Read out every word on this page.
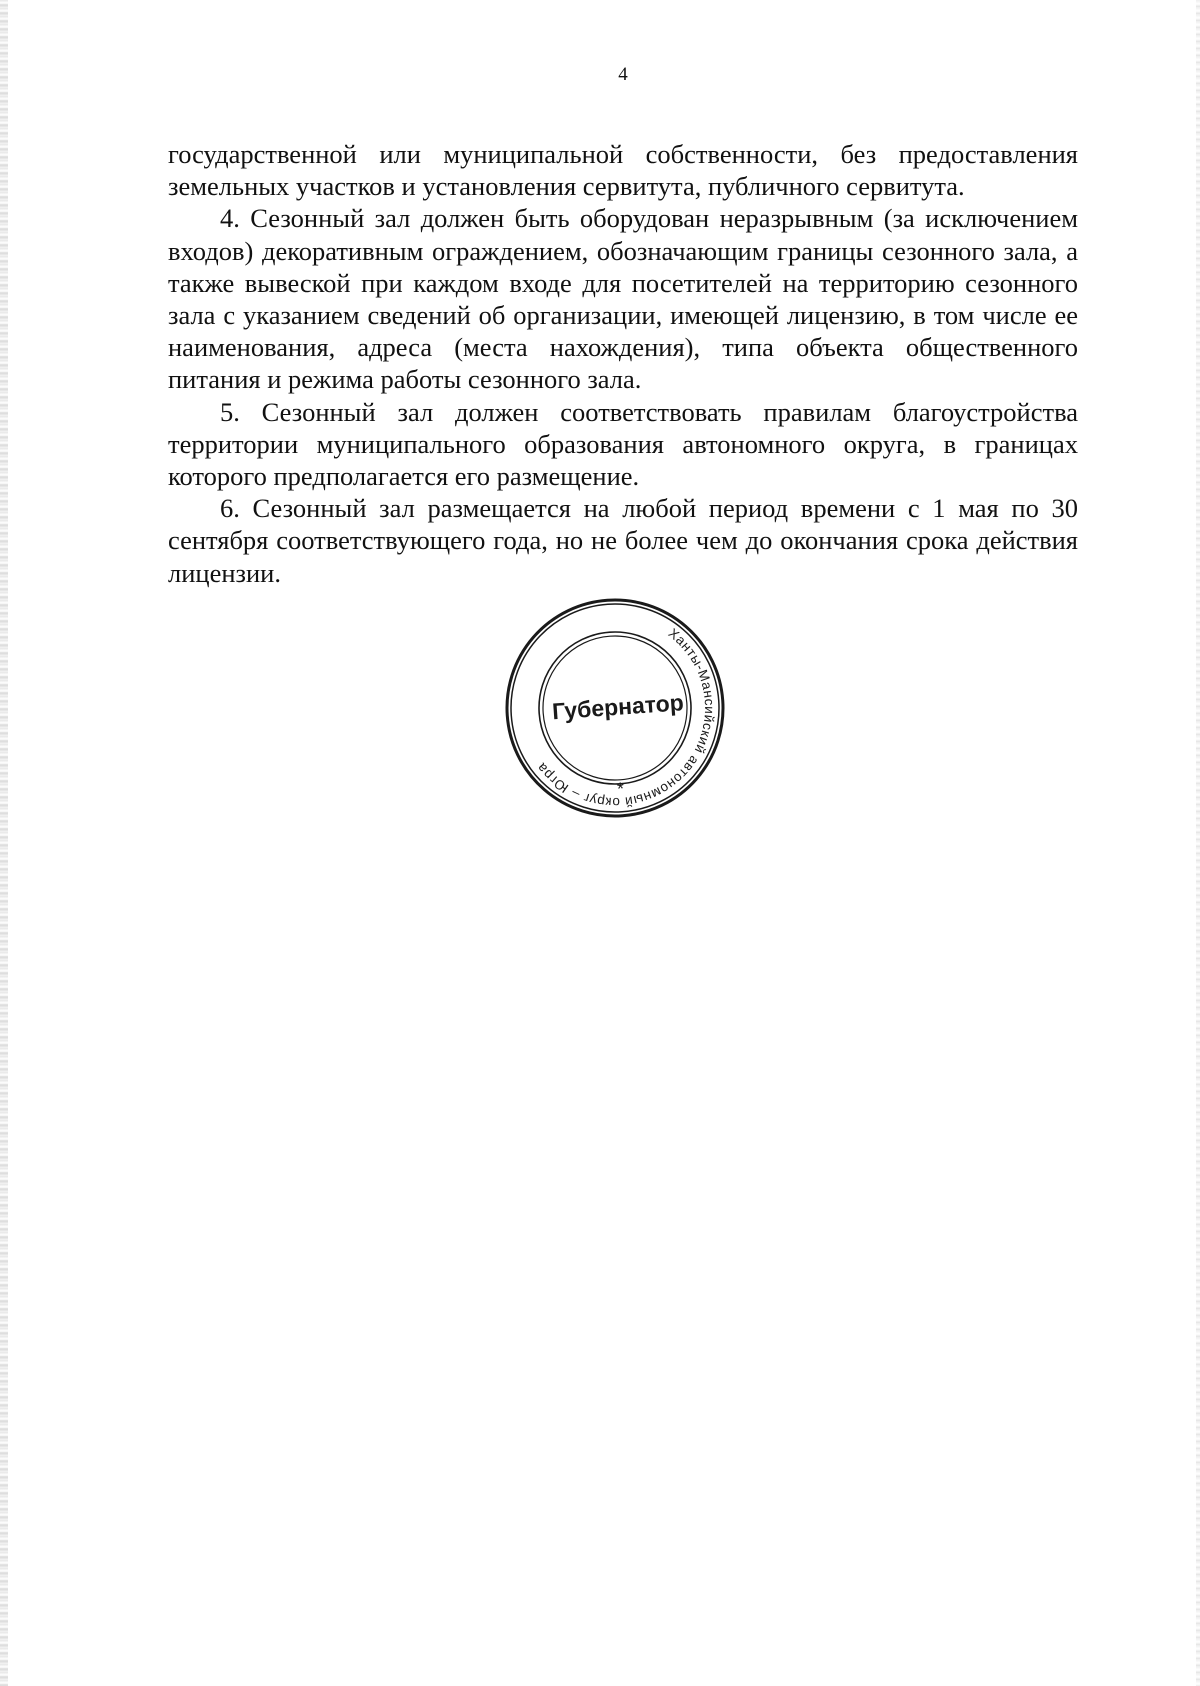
4

государственной или муниципальной собственности, без предоставления земельных участков и установления сервитута, публичного сервитута.

4. Сезонный зал должен быть оборудован неразрывным (за исключением входов) декоративным ограждением, обозначающим границы сезонного зала, а также вывеской при каждом входе для посетителей на территорию сезонного зала с указанием сведений об организации, имеющей лицензию, в том числе ее наименования, адреса (места нахождения), типа объекта общественного питания и режима работы сезонного зала.

5. Сезонный зал должен соответствовать правилам благоустройства территории муниципального образования автономного округа, в границах которого предполагается его размещение.

6. Сезонный зал размещается на любой период времени с 1 мая по 30 сентября соответствующего года, но не более чем до окончания срока действия лицензии.

Ханты-Мансийский автономный округ – Югра
Губернатор
*
